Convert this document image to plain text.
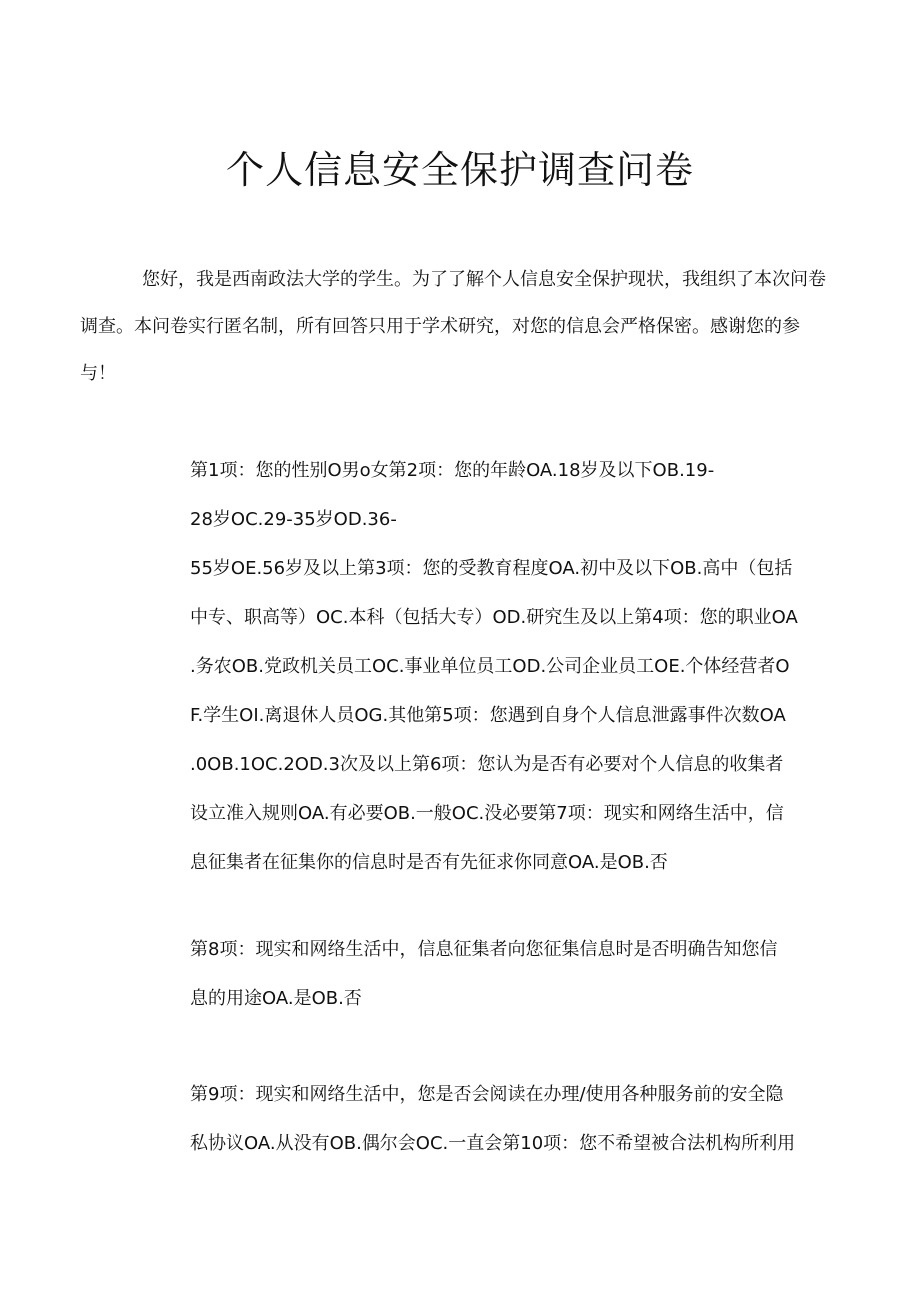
个人信息安全保护调查问卷

您好，我是西南政法大学的学生。为了了解个人信息安全保护现状，我组织了本次问卷调查。本问卷实行匿名制，所有回答只用于学术研究，对您的信息会严格保密。感谢您的参与！

第1项：您的性别O男o女第2项：您的年龄OA.18岁及以下OB.19-
28岁OC.29-35岁OD.36-
55岁OE.56岁及以上第3项：您的受教育程度OA.初中及以下OB.高中（包括
中专、职高等）OC.本科（包括大专）OD.研究生及以上第4项：您的职业OA
.务农OB.党政机关员工OC.事业单位员工OD.公司企业员工OE.个体经营者O
F.学生OI.离退休人员OG.其他第5项：您遇到自身个人信息泄露事件次数OA
.0OB.1OC.2OD.3次及以上第6项：您认为是否有必要对个人信息的收集者
设立准入规则OA.有必要OB.一般OC.没必要第7项：现实和网络生活中，信
息征集者在征集你的信息时是否有先征求你同意OA.是OB.否
第8项：现实和网络生活中，信息征集者向您征集信息时是否明确告知您信
息的用途OA.是OB.否
第9项：现实和网络生活中，您是否会阅读在办理/使用各种服务前的安全隐
私协议OA.从没有OB.偶尔会OC.一直会第10项：您不希望被合法机构所利用
